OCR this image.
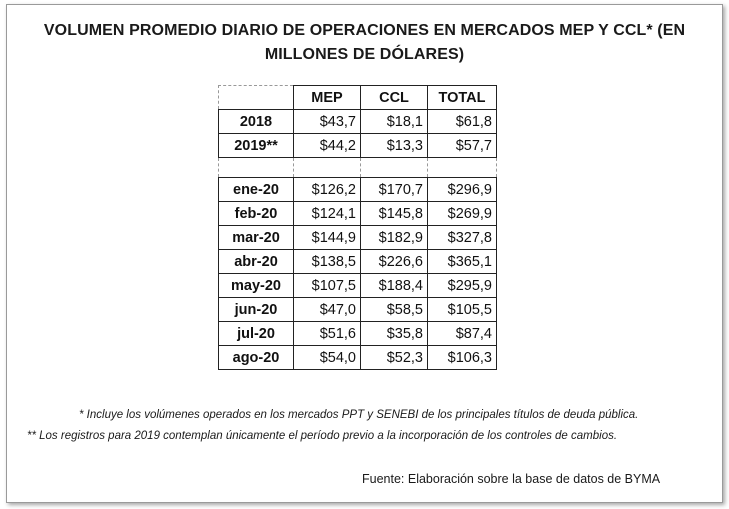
VOLUMEN PROMEDIO DIARIO DE OPERACIONES EN MERCADOS MEP Y CCL* (EN MILLONES DE DÓLARES)
	MEP	CCL	TOTAL
2018	$43,7	$18,1	$61,8
2019**	$44,2	$13,3	$57,7

ene-20	$126,2	$170,7	$296,9
feb-20	$124,1	$145,8	$269,9
mar-20	$144,9	$182,9	$327,8
abr-20	$138,5	$226,6	$365,1
may-20	$107,5	$188,4	$295,9
jun-20	$47,0	$58,5	$105,5
jul-20	$51,6	$35,8	$87,4
ago-20	$54,0	$52,3	$106,3
* Incluye los volúmenes operados en los mercados PPT y SENEBI de los principales títulos de deuda pública.
** Los registros para 2019 contemplan únicamente el período previo a la incorporación de los controles de cambios.
Fuente: Elaboración sobre la base de datos de BYMA
